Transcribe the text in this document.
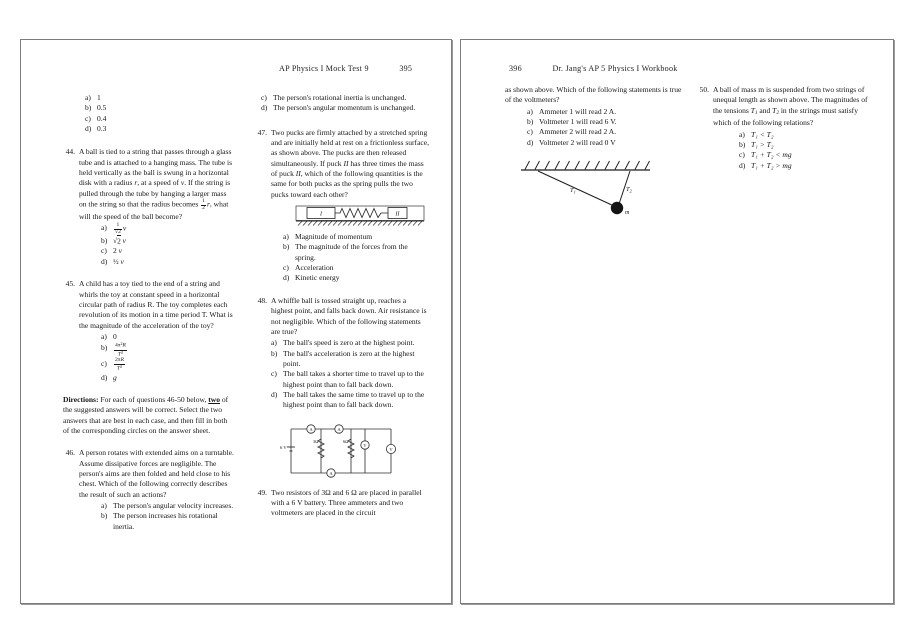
AP Physics I Mock Test 9	395
a) 1
b) 0.5
c) 0.4
d) 0.3
44. A ball is tied to a string that passes through a glass tube and is attached to a hanging mass. The tube is held vertically as the ball is swung in a horizontal disk with a radius r, at a speed of v. If the string is pulled through the tube by hanging a larger mass on the string so that the radius becomes $\frac{1}{2} r$, what will the speed of the ball become?
a)	$\frac{1}{√2}$ v
b) √2 v
c) 2 v
d) ½ v
45. A child has a toy tied to the end of a string and whirls the toy at constant speed in a horizontal circular path of radius R. The toy completes each revolution of its motion in a time period T. What is the magnitude of the acceleration of the toy?
a) 0
b)	$\frac{4\pi^2R}{T^2}$
c)	$\frac{2\pi R}{T^2}$
d) g
Directions: For each of questions 46-50 below, two of the suggested answers will be correct. Select the two answers that are best in each case, and then fill in both of the corresponding circles on the answer sheet.
46. A person rotates with extended aims on a turntable. Assume dissipative forces are negligible. The person's aims are then folded and held close to his chest. Which of the following correctly describes the result of such an actions?
a) The person's angular velocity increases.
b) The person increases his rotational inertia.
c) The person's rotational inertia is unchanged.
d) The person's angular momentum is unchanged.
47. Two pucks are firmly attached by a stretched spring and are initially held at rest on a frictionless surface, as shown above. The pucks are then released simultaneously. If puck II has three times the mass of puck II, which of the following quantities is the same for both pucks as the spring pulls the two pucks toward each other?
I	II
a) Magnitude of momentum
b) The magnitude of the forces from the spring.
c) Acceleration
d) Kinetic energy
48. A whiffle ball is tossed straight up, reaches a highest point, and falls back down. Air resistance is not negligible. Which of the following statements are true?
a) The ball's speed is zero at the highest point.
b) The ball's acceleration is zero at the highest point.
c) The ball takes a shorter time to travel up to the highest point than to fall back down.
d) The ball takes the same time to travel up to the highest point than to fall back down.
A	A
A
V
6 V	V
3Ω	6Ω
49. Two resistors of 3Ω and 6 Ω are placed in parallel with a 6 V battery. Three ammeters and two voltmeters are placed in the circuit
396	Dr. Jang's AP 5 Physics I Workbook
as shown above. Which of the following statements is true of the voltmeters?
a) Ammeter 1 will read 2 A.
b) Voltmeter 1 will read 6 V.
c) Ammeter 2 will read 2 A.
d) Voltmeter 2 will read 0 V
$T_1$	$T_2$
m
50. A ball of mass m is suspended from two strings of unequal length as shown above. The magnitudes of the tensions $T_1$ and $T_2$ in the strings must satisfy which of the following relations?
a) T₁ < T₂
b) T₁ > T₂
c) T₁ + T₂ < mg
d) T₁ + T₂ > mg
